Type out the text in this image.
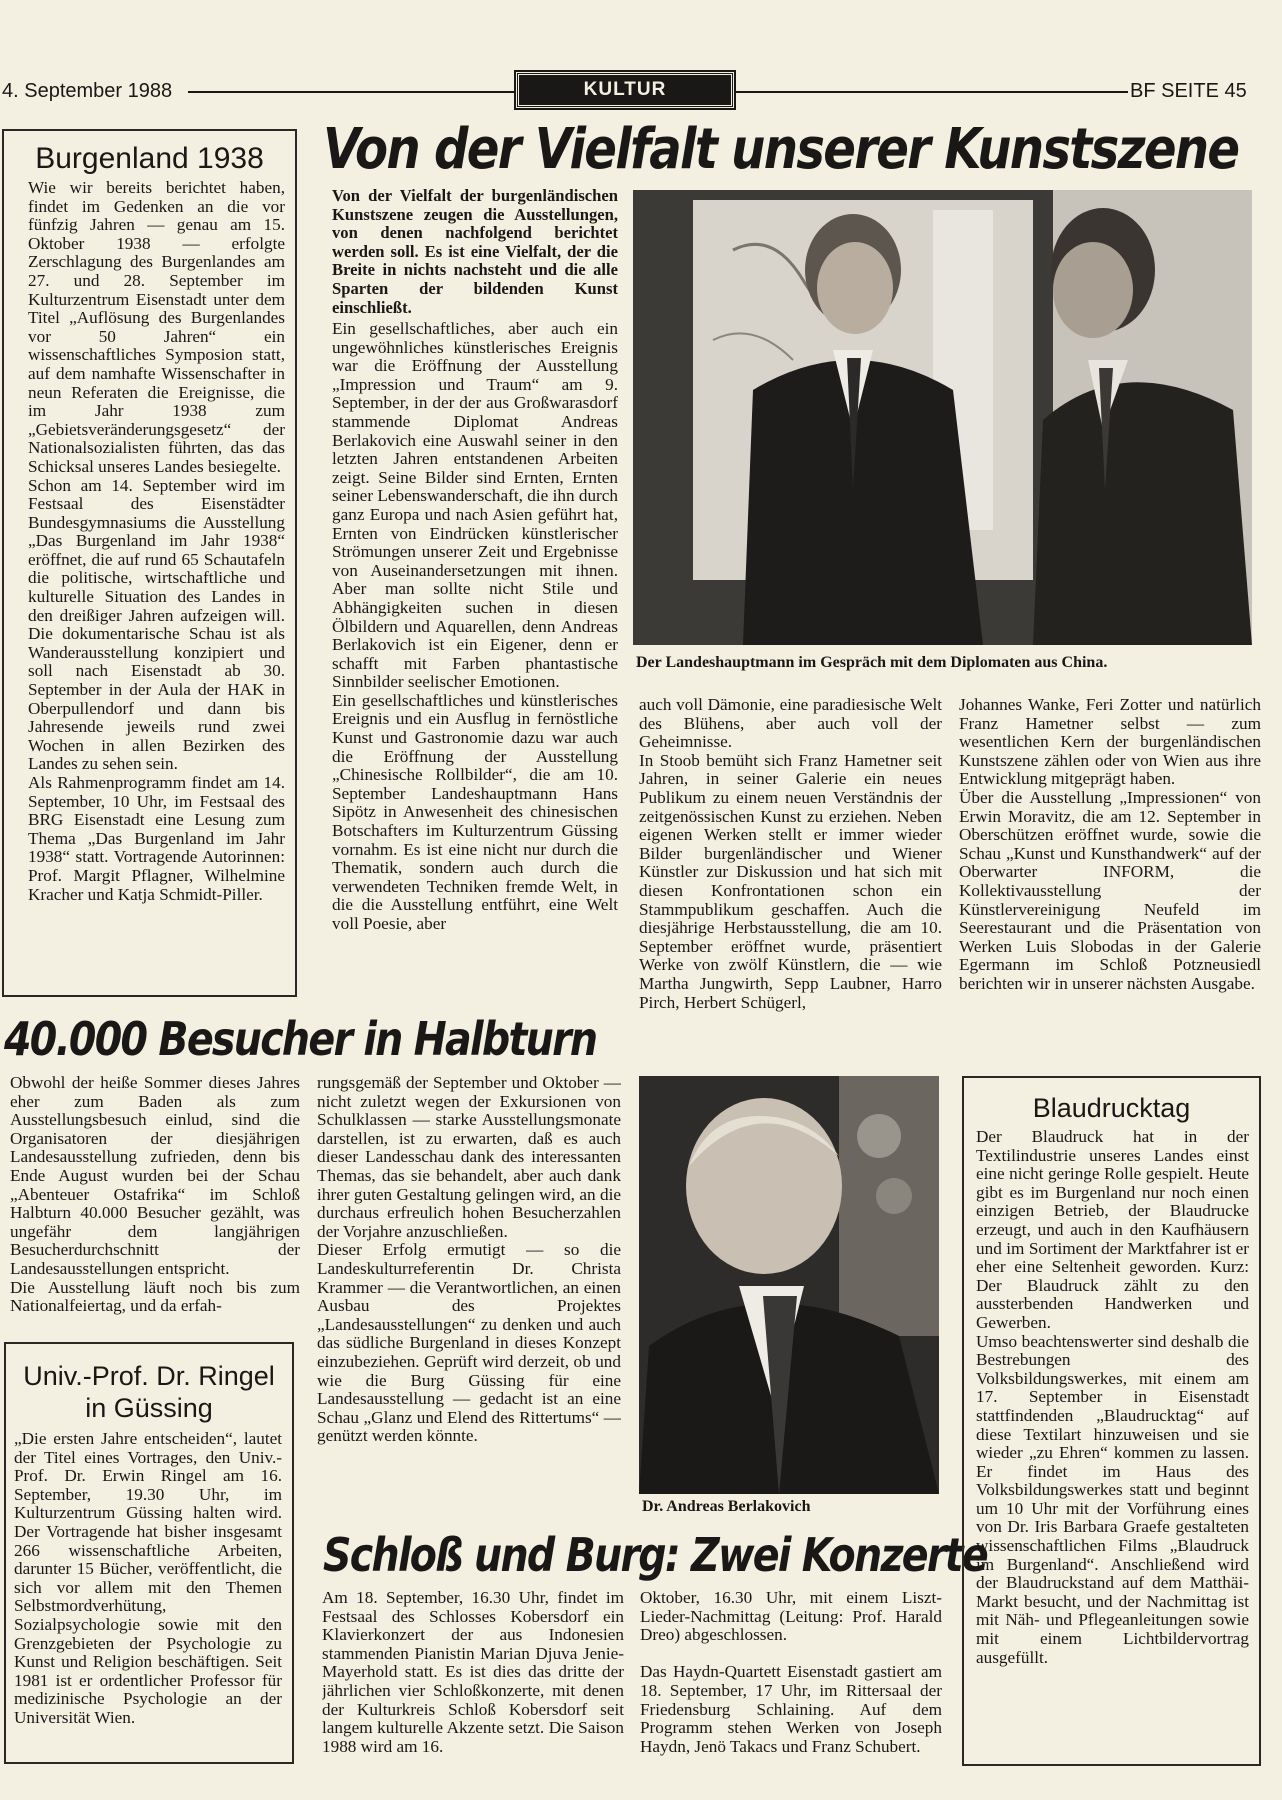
4. September 1988	KULTUR	BF SEITE 45
Burgenland 1938

Wie wir bereits berichtet haben, findet im Gedenken an die vor fünfzig Jahren — genau am 15. Oktober 1938 — erfolgte Zerschlagung des Burgenlandes am 27. und 28. September im Kulturzentrum Eisenstadt unter dem Titel „Auflösung des Burgenlandes vor 50 Jahren“ ein wissenschaftliches Symposion statt, auf dem namhafte Wissenschafter in neun Referaten die Ereignisse, die im Jahr 1938 zum „Gebietsveränderungsgesetz“ der Nationalsozialisten führten, das das Schicksal unseres Landes besiegelte.
Schon am 14. September wird im Festsaal des Eisenstädter Bundesgymnasiums die Ausstellung „Das Burgenland im Jahr 1938“ eröffnet, die auf rund 65 Schautafeln die politische, wirtschaftliche und kulturelle Situation des Landes in den dreißiger Jahren aufzeigen will. Die dokumentarische Schau ist als Wanderausstellung konzipiert und soll nach Eisenstadt ab 30. September in der Aula der HAK in Oberpullendorf und dann bis Jahresende jeweils rund zwei Wochen in allen Bezirken des Landes zu sehen sein.
Als Rahmenprogramm findet am 14. September, 10 Uhr, im Festsaal des BRG Eisenstadt eine Lesung zum Thema „Das Burgenland im Jahr 1938“ statt. Vortragende Autorinnen: Prof. Margit Pflagner, Wilhelmine Kracher und Katja Schmidt-Piller.

Von der Vielfalt unserer Kunstszene

Von der Vielfalt der burgenländischen Kunstszene zeugen die Ausstellungen, von denen nachfolgend berichtet werden soll. Es ist eine Vielfalt, der die Breite in nichts nachsteht und die alle Sparten der bildenden Kunst einschließt.

Ein gesellschaftliches, aber auch ein ungewöhnliches künstlerisches Ereignis war die Eröffnung der Ausstellung „Impression und Traum“ am 9. September, in der der aus Großwarasdorf stammende Diplomat Andreas Berlakovich eine Auswahl seiner in den letzten Jahren entstandenen Arbeiten zeigt. Seine Bilder sind Ernten, Ernten seiner Lebenswanderschaft, die ihn durch ganz Europa und nach Asien geführt hat, Ernten von Eindrücken künstlerischer Strömungen unserer Zeit und Ergebnisse von Auseinandersetzungen mit ihnen. Aber man sollte nicht Stile und Abhängigkeiten suchen in diesen Ölbildern und Aquarellen, denn Andreas Berlakovich ist ein Eigener, denn er schafft mit Farben phantastische Sinnbilder seelischer Emotionen.
Ein gesellschaftliches und künstlerisches Ereignis und ein Ausflug in fernöstliche Kunst und Gastronomie dazu war auch die Eröffnung der Ausstellung „Chinesische Rollbilder“, die am 10. September Landeshauptmann Hans Sipötz in Anwesenheit des chinesischen Botschafters im Kulturzentrum Güssing vornahm. Es ist eine nicht nur durch die Thematik, sondern auch durch die verwendeten Techniken fremde Welt, in die die Ausstellung entführt, eine Welt voll Poesie, aber

Der Landeshauptmann im Gespräch mit dem Diplomaten aus China.

auch voll Dämonie, eine paradiesische Welt des Blühens, aber auch voll der Geheimnisse.
In Stoob bemüht sich Franz Hametner seit Jahren, in seiner Galerie ein neues Publikum zu einem neuen Verständnis der zeitgenössischen Kunst zu erziehen. Neben eigenen Werken stellt er immer wieder Bilder burgenländischer und Wiener Künstler zur Diskussion und hat sich mit diesen Konfrontationen schon ein Stammpublikum geschaffen. Auch die diesjährige Herbstausstellung, die am 10. September eröffnet wurde, präsentiert Werke von zwölf Künstlern, die — wie Martha Jungwirth, Sepp Laubner, Harro Pirch, Herbert Schügerl,

Johannes Wanke, Feri Zotter und natürlich Franz Hametner selbst — zum wesentlichen Kern der burgenländischen Kunstszene zählen oder von Wien aus ihre Entwicklung mitgeprägt haben.
Über die Ausstellung „Impressionen“ von Erwin Moravitz, die am 12. September in Oberschützen eröffnet wurde, sowie die Schau „Kunst und Kunsthandwerk“ auf der Oberwarter INFORM, die Kollektivausstellung der Künstlervereinigung Neufeld im Seerestaurant und die Präsentation von Werken Luis Slobodas in der Galerie Egermann im Schloß Potzneusiedl berichten wir in unserer nächsten Ausgabe.

40.000 Besucher in Halbturn

Obwohl der heiße Sommer dieses Jahres eher zum Baden als zum Ausstellungsbesuch einlud, sind die Organisatoren der diesjährigen Landesausstellung zufrieden, denn bis Ende August wurden bei der Schau „Abenteuer Ostafrika“ im Schloß Halbturn 40.000 Besucher gezählt, was ungefähr dem langjährigen Besucherdurchschnitt der Landesausstellungen entspricht.
Die Ausstellung läuft noch bis zum Nationalfeiertag, und da erfah-

rungsgemäß der September und Oktober — nicht zuletzt wegen der Exkursionen von Schulklassen — starke Ausstellungsmonate darstellen, ist zu erwarten, daß es auch dieser Landesschau dank des interessanten Themas, das sie behandelt, aber auch dank ihrer guten Gestaltung gelingen wird, an die durchaus erfreulich hohen Besucherzahlen der Vorjahre anzuschließen.
Dieser Erfolg ermutigt — so die Landeskulturreferentin Dr. Christa Krammer — die Verantwortlichen, an einen Ausbau des Projektes „Landesausstellungen“ zu denken und auch das südliche Burgenland in dieses Konzept einzubeziehen. Geprüft wird derzeit, ob und wie die Burg Güssing für eine Landesausstellung — gedacht ist an eine Schau „Glanz und Elend des Rittertums“ — genützt werden könnte.

Univ.-Prof. Dr. Ringel
in Güssing

„Die ersten Jahre entscheiden“, lautet der Titel eines Vortrages, den Univ.-Prof. Dr. Erwin Ringel am 16. September, 19.30 Uhr, im Kulturzentrum Güssing halten wird. Der Vortragende hat bisher insgesamt 266 wissenschaftliche Arbeiten, darunter 15 Bücher, veröffentlicht, die sich vor allem mit den Themen Selbstmordverhütung, Sozialpsychologie sowie mit den Grenzgebieten der Psychologie zu Kunst und Religion beschäftigen. Seit 1981 ist er ordentlicher Professor für medizinische Psychologie an der Universität Wien.

Dr. Andreas Berlakovich
Schloß und Burg: Zwei Konzerte

Am 18. September, 16.30 Uhr, findet im Festsaal des Schlosses Kobersdorf ein Klavierkonzert der aus Indonesien stammenden Pianistin Marian Djuva Jenie-Mayerhold statt. Es ist dies das dritte der jährlichen vier Schloßkonzerte, mit denen der Kulturkreis Schloß Kobersdorf seit langem kulturelle Akzente setzt. Die Saison 1988 wird am 16.

Oktober, 16.30 Uhr, mit einem Liszt-Lieder-Nachmittag (Leitung: Prof. Harald Dreo) abgeschlossen.

Das Haydn-Quartett Eisenstadt gastiert am 18. September, 17 Uhr, im Rittersaal der Friedensburg Schlaining. Auf dem Programm stehen Werken von Joseph Haydn, Jenö Takacs und Franz Schubert.

Blaudrucktag

Der Blaudruck hat in der Textilindustrie unseres Landes einst eine nicht geringe Rolle gespielt. Heute gibt es im Burgenland nur noch einen einzigen Betrieb, der Blaudrucke erzeugt, und auch in den Kaufhäusern und im Sortiment der Marktfahrer ist er eher eine Seltenheit geworden. Kurz: Der Blaudruck zählt zu den aussterbenden Handwerken und Gewerben.
Umso beachtenswerter sind deshalb die Bestrebungen des Volksbildungswerkes, mit einem am 17. September in Eisenstadt stattfindenden „Blaudrucktag“ auf diese Textilart hinzuweisen und sie wieder „zu Ehren“ kommen zu lassen. Er findet im Haus des Volksbildungswerkes statt und beginnt um 10 Uhr mit der Vorführung eines von Dr. Iris Barbara Graefe gestalteten wissenschaftlichen Films „Blaudruck im Burgenland“. Anschließend wird der Blaudruckstand auf dem Matthäi-Markt besucht, und der Nachmittag ist mit Näh- und Pflegeanleitungen sowie mit einem Lichtbildervortrag ausgefüllt.
